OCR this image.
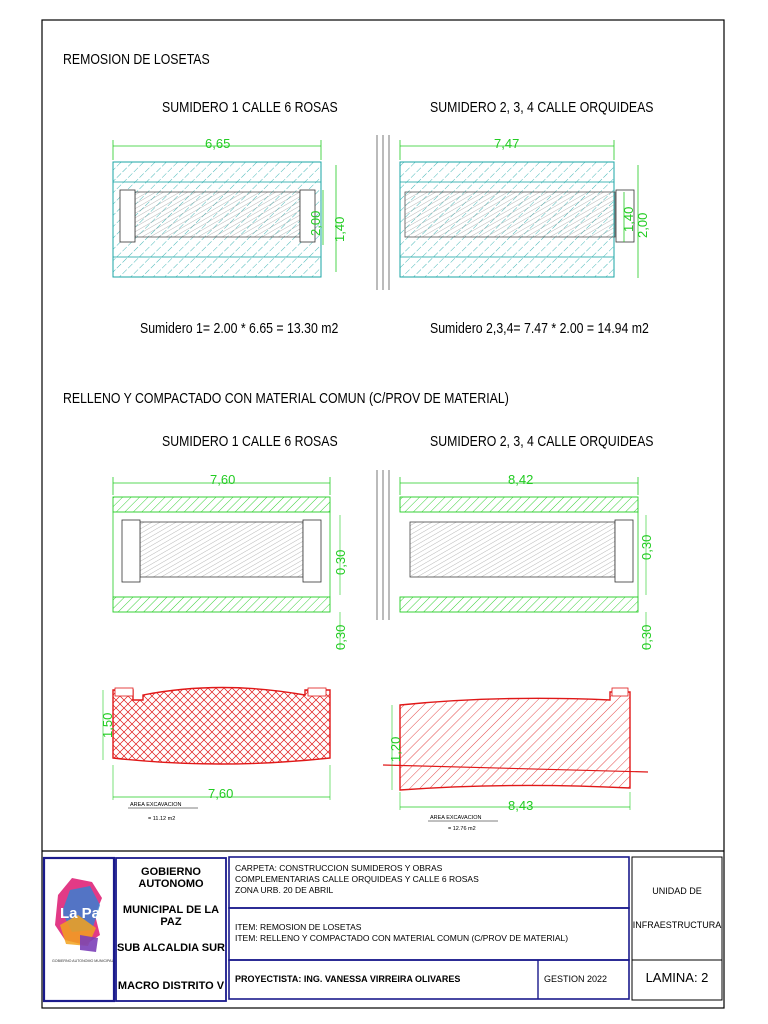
6,65
2,00 1,40
7,47
1,40 2,00
7,60
0,30
0,30
8,42
0,30
0,30
1,50
7,60
AREA EXCAVACION
= 11.12 m2
1,20
8,43
AREA EXCAVACION
= 12.76 m2
La Paz
GOBIERNO AUTONOMO MUNICIPAL
REMOSION DE LOSETAS
SUMIDERO 1 CALLE 6 ROSAS	SUMIDERO 2, 3, 4 CALLE ORQUIDEAS
Sumidero 1= 2.00 * 6.65 = 13.30 m2	Sumidero 2,3,4= 7.47 * 2.00 = 14.94 m2
RELLENO Y COMPACTADO CON MATERIAL COMUN (C/PROV DE MATERIAL)
SUMIDERO 1 CALLE 6 ROSAS	SUMIDERO 2, 3, 4 CALLE ORQUIDEAS
GOBIERNO AUTONOMO
MUNICIPAL DE LA PAZ
SUB ALCALDIA SUR
MACRO DISTRITO V
CARPETA: CONSTRUCCION SUMIDEROS Y OBRAS COMPLEMENTARIAS CALLE ORQUIDEAS Y CALLE 6 ROSAS ZONA URB. 20 DE ABRIL
ITEM: REMOSION DE LOSETAS
ITEM: RELLENO Y COMPACTADO CON MATERIAL COMUN (C/PROV DE MATERIAL)
PROYECTISTA: ING. VANESSA VIRREIRA OLIVARES	GESTION 2022
UNIDAD DE
INFRAESTRUCTURA
LAMINA: 2
